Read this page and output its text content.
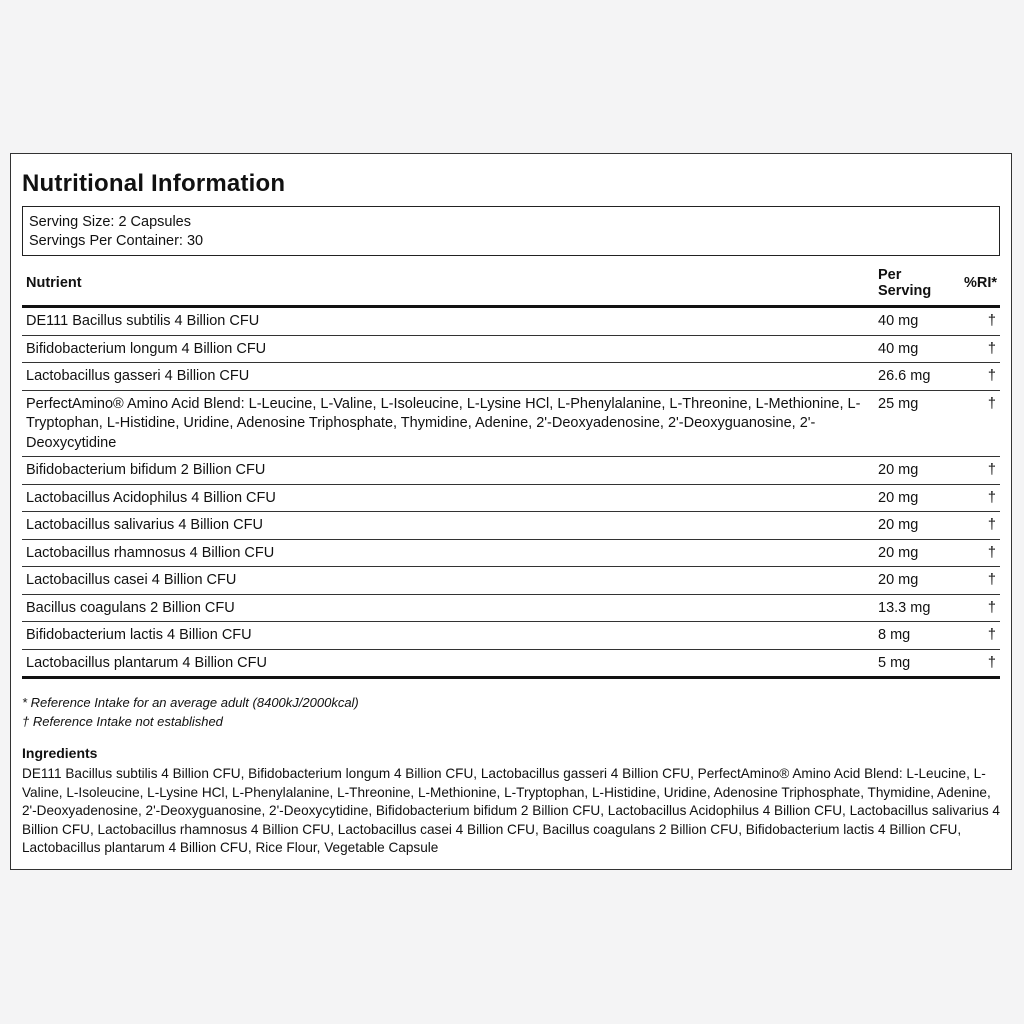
Nutritional Information
Serving Size: 2 Capsules
Servings Per Container: 30
Nutrient	Per Serving	%RI*
DE111 Bacillus subtilis 4 Billion CFU	40 mg	†
Bifidobacterium longum 4 Billion CFU	40 mg	†
Lactobacillus gasseri 4 Billion CFU	26.6 mg	†
PerfectAmino® Amino Acid Blend: L-Leucine, L-Valine, L-Isoleucine, L-Lysine HCl, L-Phenylalanine, L-Threonine, L-Methionine, L-Tryptophan, L-Histidine, Uridine, Adenosine Triphosphate, Thymidine, Adenine, 2'-Deoxyadenosine, 2'-Deoxyguanosine, 2'-Deoxycytidine	25 mg	†
Bifidobacterium bifidum 2 Billion CFU	20 mg	†
Lactobacillus Acidophilus 4 Billion CFU	20 mg	†
Lactobacillus salivarius 4 Billion CFU	20 mg	†
Lactobacillus rhamnosus 4 Billion CFU	20 mg	†
Lactobacillus casei 4 Billion CFU	20 mg	†
Bacillus coagulans 2 Billion CFU	13.3 mg	†
Bifidobacterium lactis 4 Billion CFU	8 mg	†
Lactobacillus plantarum 4 Billion CFU	5 mg	†
* Reference Intake for an average adult (8400kJ/2000kcal)
† Reference Intake not established
Ingredients
DE111 Bacillus subtilis 4 Billion CFU, Bifidobacterium longum 4 Billion CFU, Lactobacillus gasseri 4 Billion CFU, PerfectAmino® Amino Acid Blend: L-Leucine, L-Valine, L-Isoleucine, L-Lysine HCl, L-Phenylalanine, L-Threonine, L-Methionine, L-Tryptophan, L-Histidine, Uridine, Adenosine Triphosphate, Thymidine, Adenine, 2'-Deoxyadenosine, 2'-Deoxyguanosine, 2'-Deoxycytidine, Bifidobacterium bifidum 2 Billion CFU, Lactobacillus Acidophilus 4 Billion CFU, Lactobacillus salivarius 4 Billion CFU, Lactobacillus rhamnosus 4 Billion CFU, Lactobacillus casei 4 Billion CFU, Bacillus coagulans 2 Billion CFU, Bifidobacterium lactis 4 Billion CFU, Lactobacillus plantarum 4 Billion CFU, Rice Flour, Vegetable Capsule
